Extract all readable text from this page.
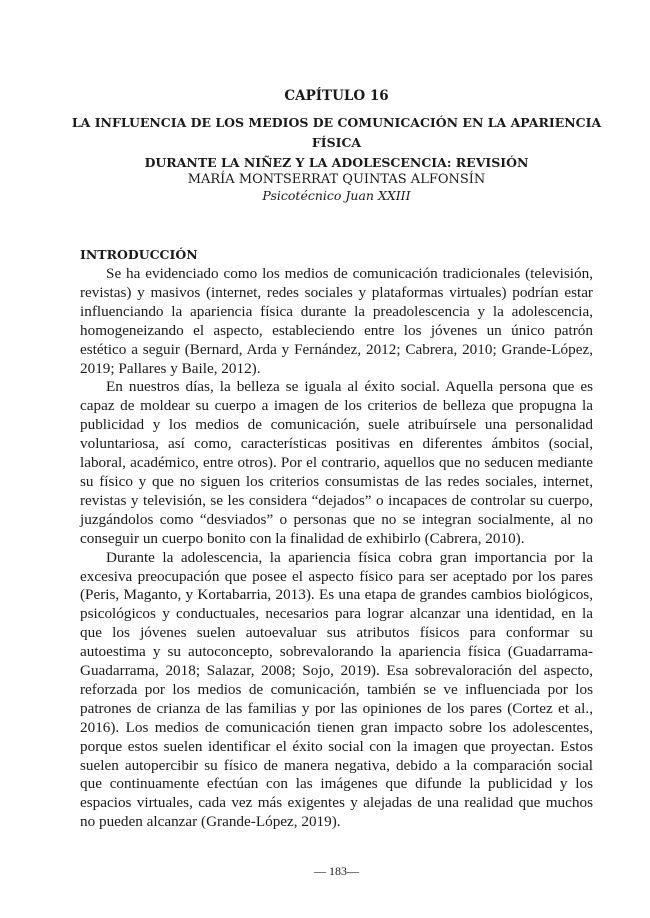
CAPÍTULO 16
LA INFLUENCIA DE LOS MEDIOS DE COMUNICACIÓN EN LA APARIENCIA FÍSICA
DURANTE LA NIÑEZ Y LA ADOLESCENCIA: REVISIÓN
MARÍA MONTSERRAT QUINTAS ALFONSÍN
Psicotécnico Juan XXIII
INTRODUCCIÓN

Se ha evidenciado como los medios de comunicación tradicionales (televisión, revistas) y masivos (internet, redes sociales y plataformas virtuales) podrían estar influenciando la apariencia física durante la preadolescencia y la adolescencia, homogeneizando el aspecto, estableciendo entre los jóvenes un único patrón estético a seguir (Bernard, Arda y Fernández, 2012; Cabrera, 2010; Grande-López, 2019; Pallares y Baile, 2012).

En nuestros días, la belleza se iguala al éxito social. Aquella persona que es capaz de moldear su cuerpo a imagen de los criterios de belleza que propugna la publicidad y los medios de comunicación, suele atribuírsele una personalidad voluntariosa, así como, características positivas en diferentes ámbitos (social, laboral, académico, entre otros). Por el contrario, aquellos que no seducen mediante su físico y que no siguen los criterios consumistas de las redes sociales, internet, revistas y televisión, se les considera “dejados” o incapaces de controlar su cuerpo, juzgándolos como “desviados” o personas que no se integran socialmente, al no conseguir un cuerpo bonito con la finalidad de exhibirlo (Cabrera, 2010).

Durante la adolescencia, la apariencia física cobra gran importancia por la excesiva preocupación que posee el aspecto físico para ser aceptado por los pares (Peris, Maganto, y Kortabarria, 2013). Es una etapa de grandes cambios biológicos, psicológicos y conductuales, necesarios para lograr alcanzar una identidad, en la que los jóvenes suelen autoevaluar sus atributos físicos para conformar su autoestima y su autoconcepto, sobrevalorando la apariencia física (Guadarrama-Guadarrama, 2018; Salazar, 2008; Sojo, 2019). Esa sobrevaloración del aspecto, reforzada por los medios de comunicación, también se ve influenciada por los patrones de crianza de las familias y por las opiniones de los pares (Cortez et al., 2016). Los medios de comunicación tienen gran impacto sobre los adolescentes, porque estos suelen identificar el éxito social con la imagen que proyectan. Estos suelen autopercibir su físico de manera negativa, debido a la comparación social que continuamente efectúan con las imágenes que difunde la publicidad y los espacios virtuales, cada vez más exigentes y alejadas de una realidad que muchos no pueden alcanzar (Grande-López, 2019).

— 183—
